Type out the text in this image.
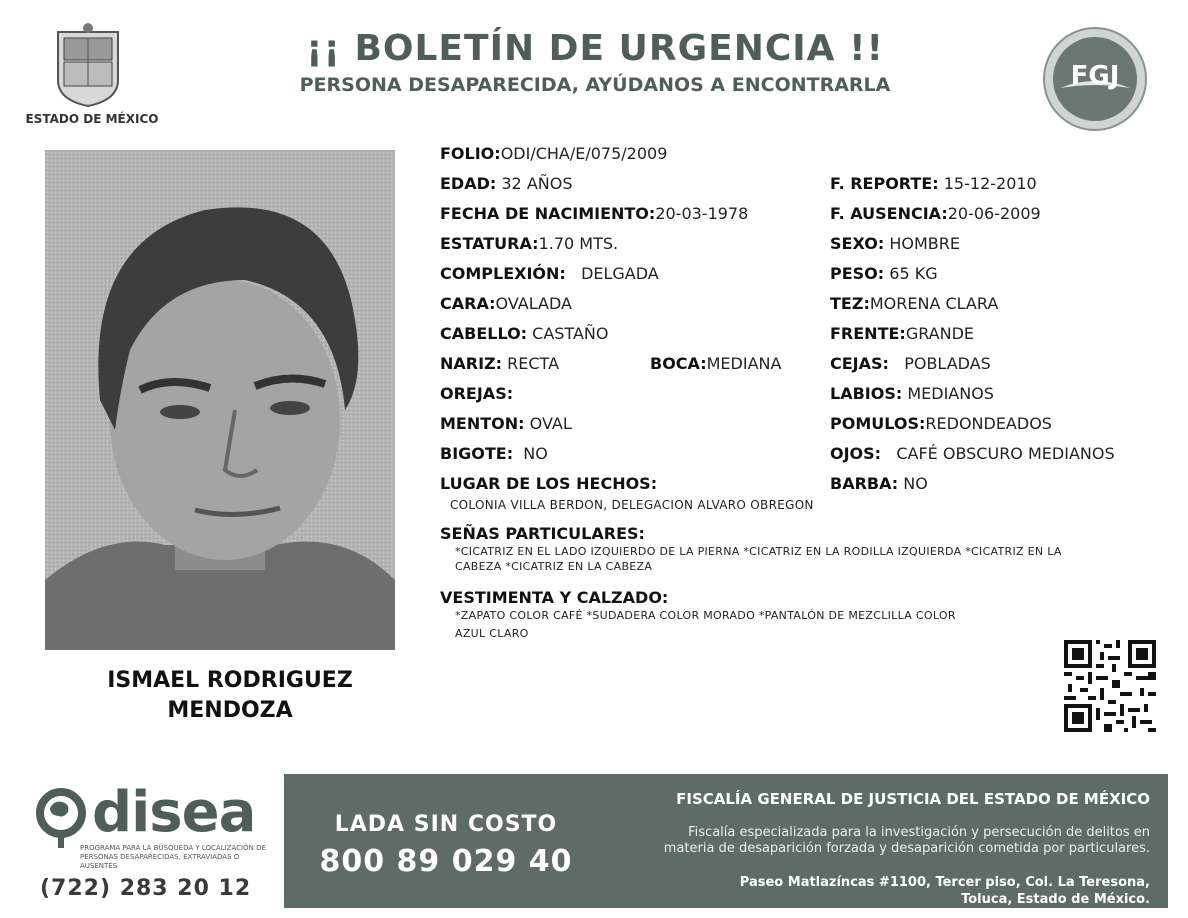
ESTADO DE MÉXICO
¡¡ BOLETÍN DE URGENCIA !!
PERSONA DESAPARECIDA, AYÚDANOS A ENCONTRARLA	FGJ
ISMAEL RODRIGUEZ
MENDOZA
FOLIO:ODI/CHA/E/075/2009
EDAD: 32 AÑOS	F. REPORTE: 15-12-2010
FECHA DE NACIMIENTO:20-03-1978	F. AUSENCIA:20-06-2009
ESTATURA:1.70 MTS.	SEXO: HOMBRE
COMPLEXIÓN: DELGADA	PESO: 65 KG
CARA:OVALADA	TEZ:MORENA CLARA
CABELLO: CASTAÑO	FRENTE:GRANDE
NARIZ: RECTA	BOCA:MEDIANA	CEJAS: POBLADAS
OREJAS:	LABIOS: MEDIANOS
MENTON: OVAL	POMULOS:REDONDEADOS
BIGOTE: NO	OJOS: CAFÉ OBSCURO MEDIANOS
LUGAR DE LOS HECHOS:	BARBA: NO
COLONIA VILLA BERDON, DELEGACION ALVARO OBREGON
SEÑAS PARTICULARES:
*CICATRIZ EN EL LADO IZQUIERDO DE LA PIERNA *CICATRIZ EN LA RODILLA IZQUIERDA *CICATRIZ EN LA
CABEZA *CICATRIZ EN LA CABEZA
VESTIMENTA Y CALZADO:
*ZAPATO COLOR CAFÉ *SUDADERA COLOR MORADO *PANTALÓN DE MEZCLILLA COLOR
AZUL CLARO
disea
PROGRAMA PARA LA BÚSQUEDA Y LOCALIZACIÓN DE PERSONAS DESAPARECIDAS, EXTRAVIADAS O AUSENTES
(722) 283 20 12
LADA SIN COSTO
800 89 029 40
FISCALÍA GENERAL DE JUSTICIA DEL ESTADO DE MÉXICO
Fiscalía especializada para la investigación y persecución de delitos en
materia de desaparición forzada y desaparición cometida por particulares.
Paseo Matlazíncas #1100, Tercer piso, Col. La Teresona,
Toluca, Estado de México.
